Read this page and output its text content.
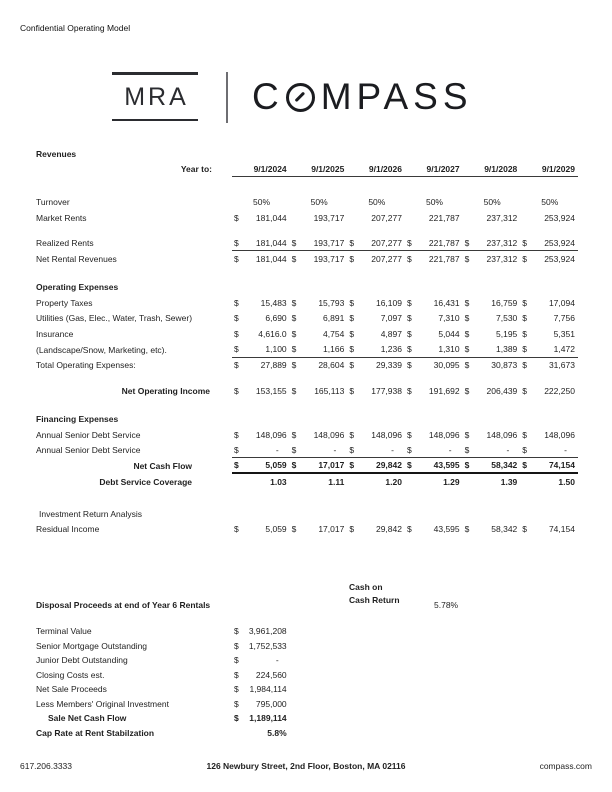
Confidential Operating Model
MRA C MPASS
Revenues
Year to:	9/1/2024	9/1/2025	9/1/2026	9/1/2027	9/1/2028	9/1/2029
Turnover	50%	50%	50%	50%	50%	50%
Market Rents	$ 181,044	193,717	207,277	221,787	237,312	253,924
Realized Rents	$ 181,044 $ 193,717 $ 207,277 $ 221,787 $ 237,312 $ 253,924
Net Rental Revenues	$ 181,044 $ 193,717 $ 207,277 $ 221,787 $ 237,312 $ 253,924
Operating Expenses
Property Taxes	$	15,483 $	15,793 $	16,109 $	16,431 $	16,759 $	17,094
Utilities (Gas, Elec., Water, Trash, Sewer)	$	6,690 $	6,891 $	7,097 $	7,310 $	7,530 $	7,756
Insurance	$ 4,616.0 $	4,754 $	4,897 $	5,044 $	5,195 $	5,351
(Landscape/Snow, Marketing, etc).	$	1,100 $	1,166 $	1,236 $	1,310 $	1,389 $	1,472
Total Operating Expenses:	$	27,889 $	28,604 $	29,339 $	30,095 $	30,873 $	31,673
Net Operating Income	$ 153,155 $ 165,113 $ 177,938 $ 191,692 $ 206,439 $ 222,250
Financing Expenses
Annual Senior Debt Service	$ 148,096 $ 148,096 $ 148,096 $ 148,096 $ 148,096 $ 148,096
Annual Senior Debt Service	$	-	$	-	$	-	$	-	$	-	$	-
Net Cash Flow	$	5,059 $	17,017 $	29,842 $	43,595 $	58,342 $	74,154
Debt Service Coverage	1.03	1.11	1.20	1.29	1.39	1.50
Investment Return Analysis
Residual Income	$	5,059 $	17,017 $	29,842 $	43,595 $	58,342 $	74,154
Disposal Proceeds at end of Year 6 Rentals
Cash on
Cash Return
5.78%
Terminal Value	$ 3,961,208
Senior Mortgage Outstanding	$ 1,752,533
Junior Debt Outstanding	$	-
Closing Costs est.	$ 224,560
Net Sale Proceeds	$ 1,984,114
Less Members' Original Investment	$ 795,000
Sale Net Cash Flow	$ 1,189,114
Cap Rate at Rent Stabilzation	5.8%
617.206.3333	126 Newbury Street, 2nd Floor, Boston, MA 02116	compass.com
